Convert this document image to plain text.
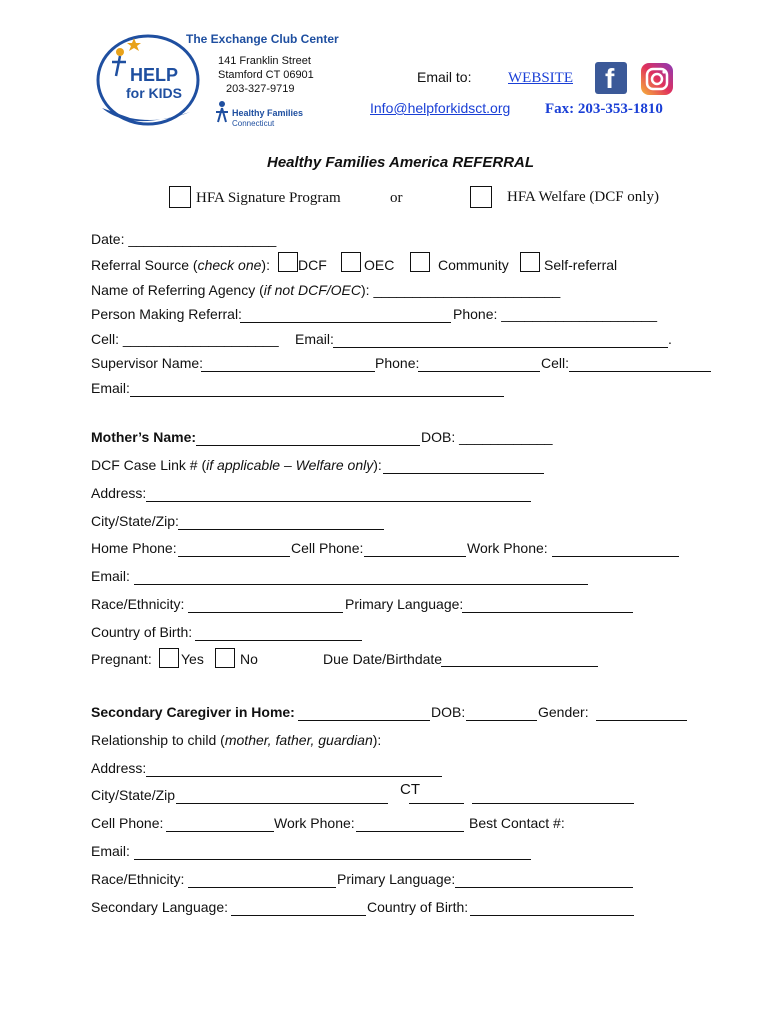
HELP
for KIDS
The Exchange Club Center
141 Franklin Street
Stamford CT 06901
203-327-9719
Healthy Families
Connecticut
Email to: WEBSITE f
Info@helpforkidsct.org Fax: 203-353-1810
Healthy Families America REFERRAL
HFA Signature Program	or	HFA Welfare (DCF only)
Date: ___________________
Referral Source (check one): DCF	OEC	Community	Self-referral
Name of Referring Agency (if not DCF/OEC): ________________________
Person Making Referral:	Phone: ____________________
Cell: ____________________ Email:	.
Supervisor Name:	Phone:	Cell:
Email:
Mother’s Name:	DOB: ____________
DCF Case Link # (if applicable – Welfare only):
Address:
City/State/Zip:
Home Phone:	Cell Phone:	Work Phone:
Email:
Race/Ethnicity:	Primary Language:
Country of Birth:
Pregnant: Yes	No	Due Date/Birthdate
Secondary Caregiver in Home:	DOB:	Gender:
Relationship to child (mother, father, guardian):
Address:
City/State/Zip	CT
Cell Phone:	Work Phone:	Best Contact #:
Email:
Race/Ethnicity:	Primary Language:
Secondary Language:	Country of Birth:
